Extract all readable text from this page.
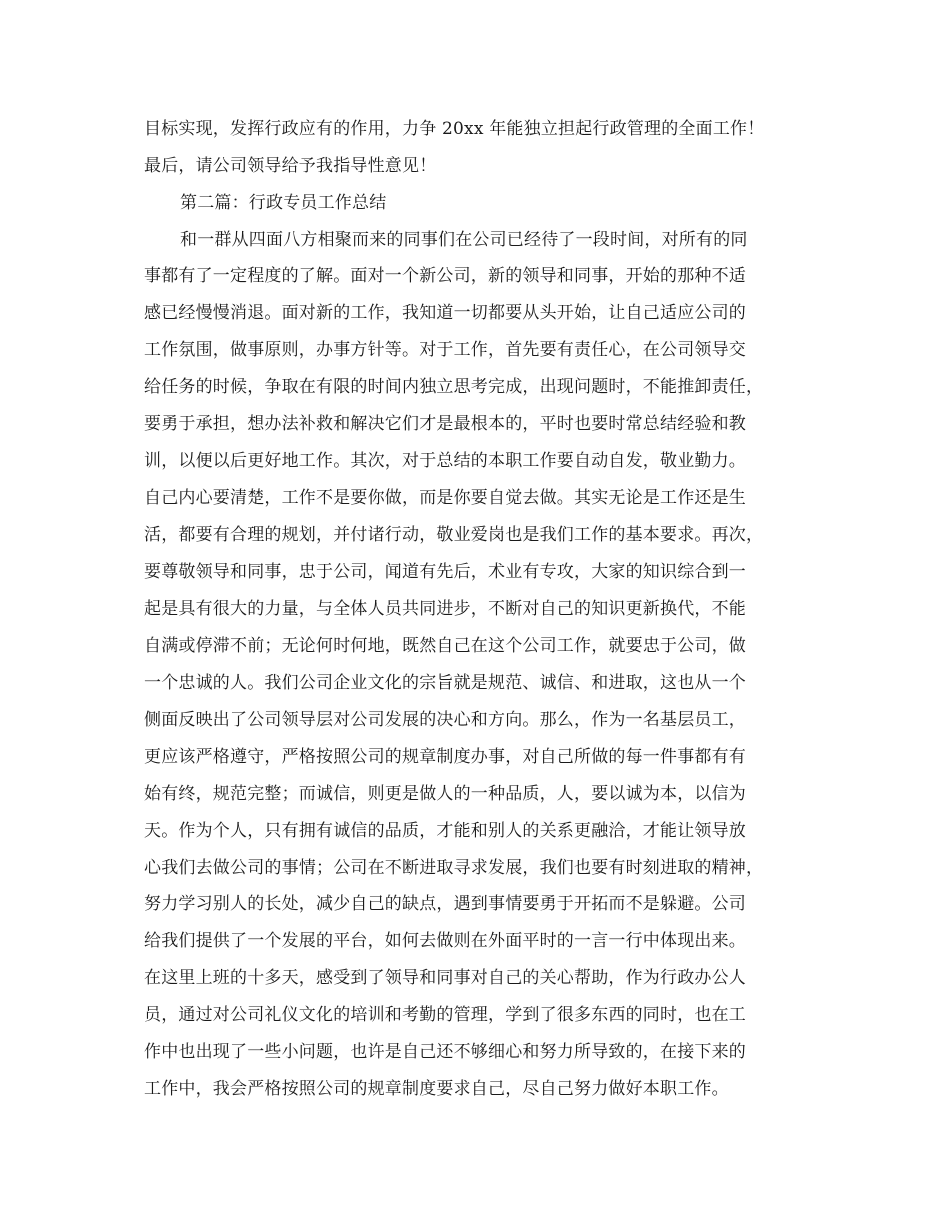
目标实现，发挥行政应有的作用，力争 20xx 年能独立担起行政管理的全面工作！
最后，请公司领导给予我指导性意见！
第二篇：行政专员工作总结
和一群从四面八方相聚而来的同事们在公司已经待了一段时间，对所有的同
事都有了一定程度的了解。面对一个新公司，新的领导和同事，开始的那种不适
感已经慢慢消退。面对新的工作，我知道一切都要从头开始，让自己适应公司的
工作氛围，做事原则，办事方针等。对于工作，首先要有责任心，在公司领导交
给任务的时候，争取在有限的时间内独立思考完成，出现问题时，不能推卸责任，
要勇于承担，想办法补救和解决它们才是最根本的，平时也要时常总结经验和教
训，以便以后更好地工作。其次，对于总结的本职工作要自动自发，敬业勤力。
自己内心要清楚，工作不是要你做，而是你要自觉去做。其实无论是工作还是生
活，都要有合理的规划，并付诸行动，敬业爱岗也是我们工作的基本要求。再次，
要尊敬领导和同事，忠于公司，闻道有先后，术业有专攻，大家的知识综合到一
起是具有很大的力量，与全体人员共同进步，不断对自己的知识更新换代，不能
自满或停滞不前；无论何时何地，既然自己在这个公司工作，就要忠于公司，做
一个忠诚的人。我们公司企业文化的宗旨就是规范、诚信、和进取，这也从一个
侧面反映出了公司领导层对公司发展的决心和方向。那么，作为一名基层员工，
更应该严格遵守，严格按照公司的规章制度办事，对自己所做的每一件事都有有
始有终，规范完整；而诚信，则更是做人的一种品质，人，要以诚为本，以信为
天。作为个人，只有拥有诚信的品质，才能和别人的关系更融洽，才能让领导放
心我们去做公司的事情；公司在不断进取寻求发展，我们也要有时刻进取的精神，
努力学习别人的长处，减少自己的缺点，遇到事情要勇于开拓而不是躲避。公司
给我们提供了一个发展的平台，如何去做则在外面平时的一言一行中体现出来。
在这里上班的十多天，感受到了领导和同事对自己的关心帮助，作为行政办公人
员，通过对公司礼仪文化的培训和考勤的管理，学到了很多东西的同时，也在工
作中也出现了一些小问题，也许是自己还不够细心和努力所导致的，在接下来的
工作中，我会严格按照公司的规章制度要求自己，尽自己努力做好本职工作。
